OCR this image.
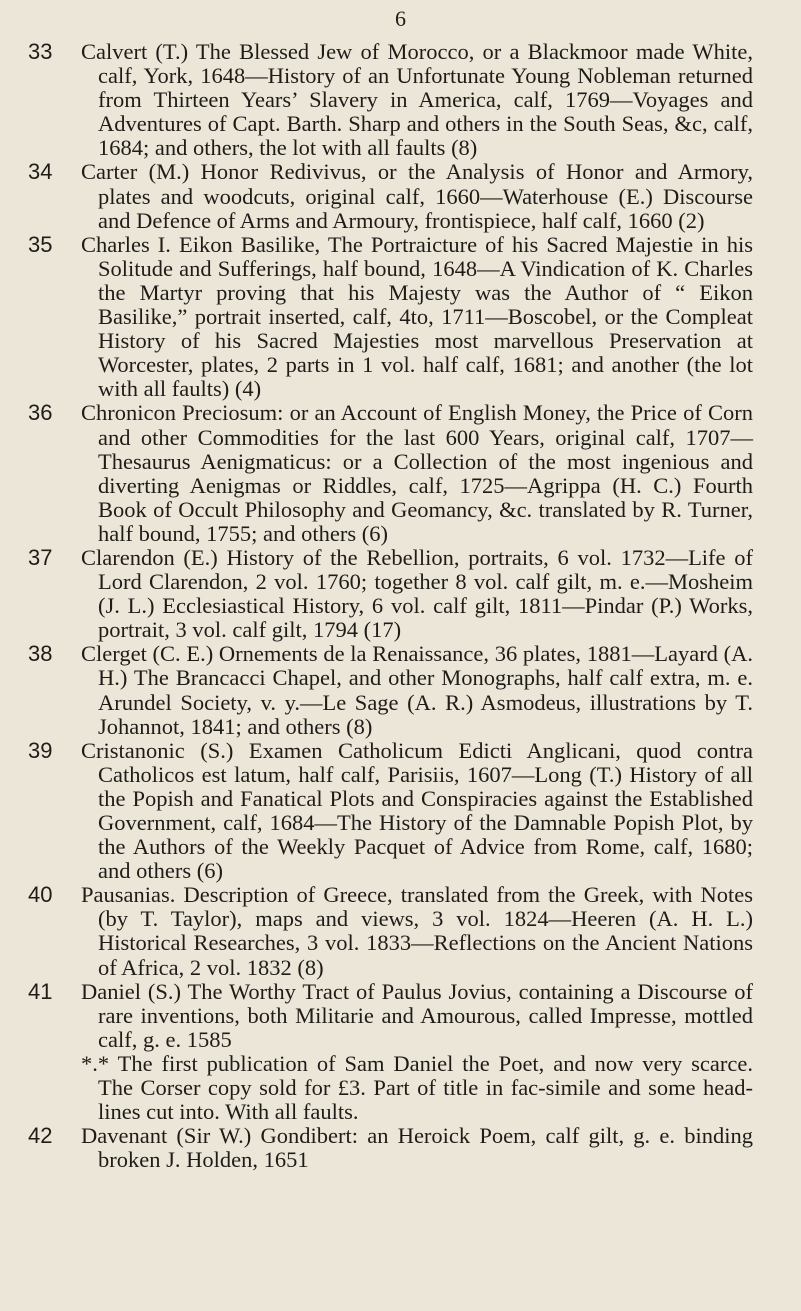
6
33 Calvert (T.) The Blessed Jew of Morocco, or a Blackmoor made White, calf, York, 1648—History of an Unfortunate Young Nobleman returned from Thirteen Years’ Slavery in America, calf, 1769—Voyages and Adventures of Capt. Barth. Sharp and others in the South Seas, &c, calf, 1684; and others, the lot with all faults (8)
34 Carter (M.) Honor Redivivus, or the Analysis of Honor and Armory, plates and woodcuts, original calf, 1660—Waterhouse (E.) Discourse and Defence of Arms and Armoury, frontispiece, half calf, 1660 (2)
35 Charles I. Eikon Basilike, The Portraicture of his Sacred Majestie in his Solitude and Sufferings, half bound, 1648—A Vindication of K. Charles the Martyr proving that his Majesty was the Author of “ Eikon Basilike,” portrait inserted, calf, 4to, 1711—Boscobel, or the Compleat History of his Sacred Majesties most marvellous Preservation at Worcester, plates, 2 parts in 1 vol. half calf, 1681; and another (the lot with all faults) (4)
36 Chronicon Preciosum: or an Account of English Money, the Price of Corn and other Commodities for the last 600 Years, original calf, 1707—Thesaurus Aenigmaticus: or a Collection of the most ingenious and diverting Aenigmas or Riddles, calf, 1725—Agrippa (H. C.) Fourth Book of Occult Philosophy and Geomancy, &c. translated by R. Turner, half bound, 1755; and others (6)
37 Clarendon (E.) History of the Rebellion, portraits, 6 vol. 1732—Life of Lord Clarendon, 2 vol. 1760; together 8 vol. calf gilt, m. e.—Mosheim (J. L.) Ecclesiastical History, 6 vol. calf gilt, 1811—Pindar (P.) Works, portrait, 3 vol. calf gilt, 1794 (17)
38 Clerget (C. E.) Ornements de la Renaissance, 36 plates, 1881—Layard (A. H.) The Brancacci Chapel, and other Monographs, half calf extra, m. e. Arundel Society, v. y.—Le Sage (A. R.) Asmodeus, illustrations by T. Johannot, 1841; and others (8)
39 Cristanonic (S.) Examen Catholicum Edicti Anglicani, quod contra Catholicos est latum, half calf, Parisiis, 1607—Long (T.) History of all the Popish and Fanatical Plots and Conspiracies against the Established Government, calf, 1684—The History of the Damnable Popish Plot, by the Authors of the Weekly Pacquet of Advice from Rome, calf, 1680; and others (6)
40 Pausanias. Description of Greece, translated from the Greek, with Notes (by T. Taylor), maps and views, 3 vol. 1824—Heeren (A. H. L.) Historical Researches, 3 vol. 1833—Reflections on the Ancient Nations of Africa, 2 vol. 1832 (8)
41 Daniel (S.) The Worthy Tract of Paulus Jovius, containing a Discourse of rare inventions, both Militarie and Amourous, called Impresse, mottled calf, g. e. 1585
*.* The first publication of Sam Daniel the Poet, and now very scarce. The Corser copy sold for £3. Part of title in fac-simile and some head-lines cut into. With all faults.
42 Davenant (Sir W.) Gondibert: an Heroick Poem, calf gilt, g. e. binding broken J. Holden, 1651
